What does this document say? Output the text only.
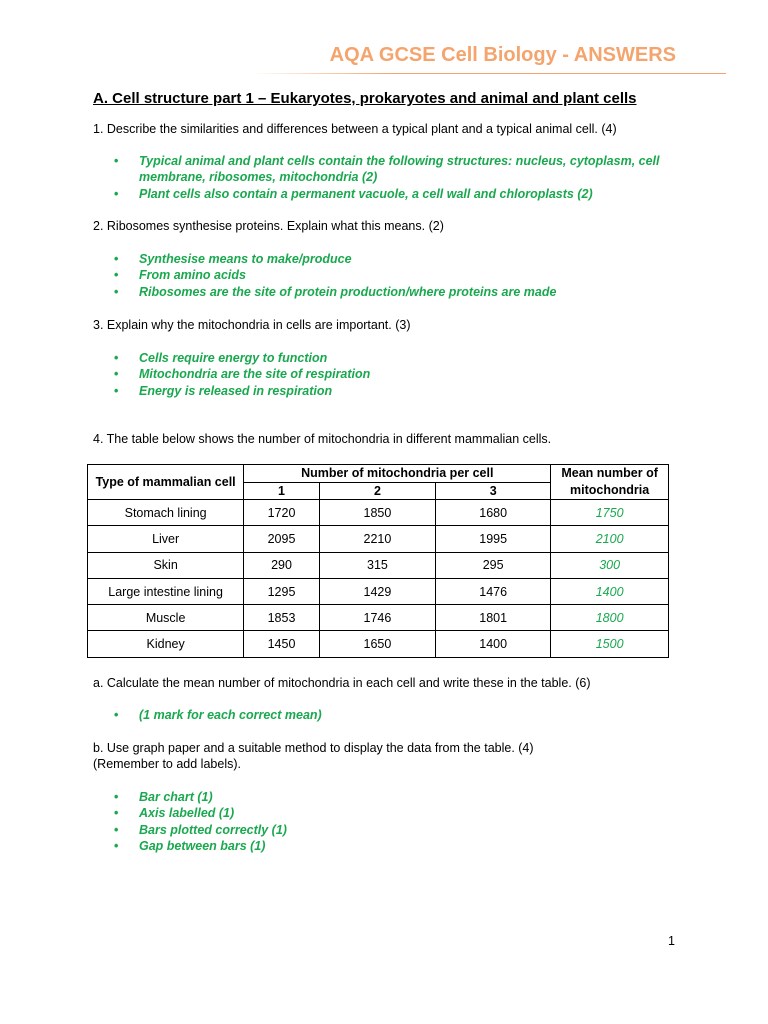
AQA GCSE Cell Biology - ANSWERS
A. Cell structure part 1 – Eukaryotes, prokaryotes and animal and plant cells
1. Describe the similarities and differences between a typical plant and a typical animal cell. (4)
• Typical animal and plant cells contain the following structures: nucleus, cytoplasm, cell membrane, ribosomes, mitochondria (2)
• Plant cells also contain a permanent vacuole, a cell wall and chloroplasts (2)
2. Ribosomes synthesise proteins. Explain what this means. (2)
• Synthesise means to make/produce
• From amino acids
• Ribosomes are the site of protein production/where proteins are made
3. Explain why the mitochondria in cells are important. (3)
• Cells require energy to function
• Mitochondria are the site of respiration
• Energy is released in respiration
4. The table below shows the number of mitochondria in different mammalian cells.
Type of mammalian cell	Number of mitochondria per cell			Mean number of mitochondria
	1	2	3	
Stomach lining	1720	1850	1680	1750
Liver	2095	2210	1995	2100
Skin	290	315	295	300
Large intestine lining	1295	1429	1476	1400
Muscle	1853	1746	1801	1800
Kidney	1450	1650	1400	1500
a. Calculate the mean number of mitochondria in each cell and write these in the table. (6)
• (1 mark for each correct mean)
b. Use graph paper and a suitable method to display the data from the table. (4)
(Remember to add labels).
• Bar chart (1)
• Axis labelled (1)
• Bars plotted correctly (1)
• Gap between bars (1)
1
